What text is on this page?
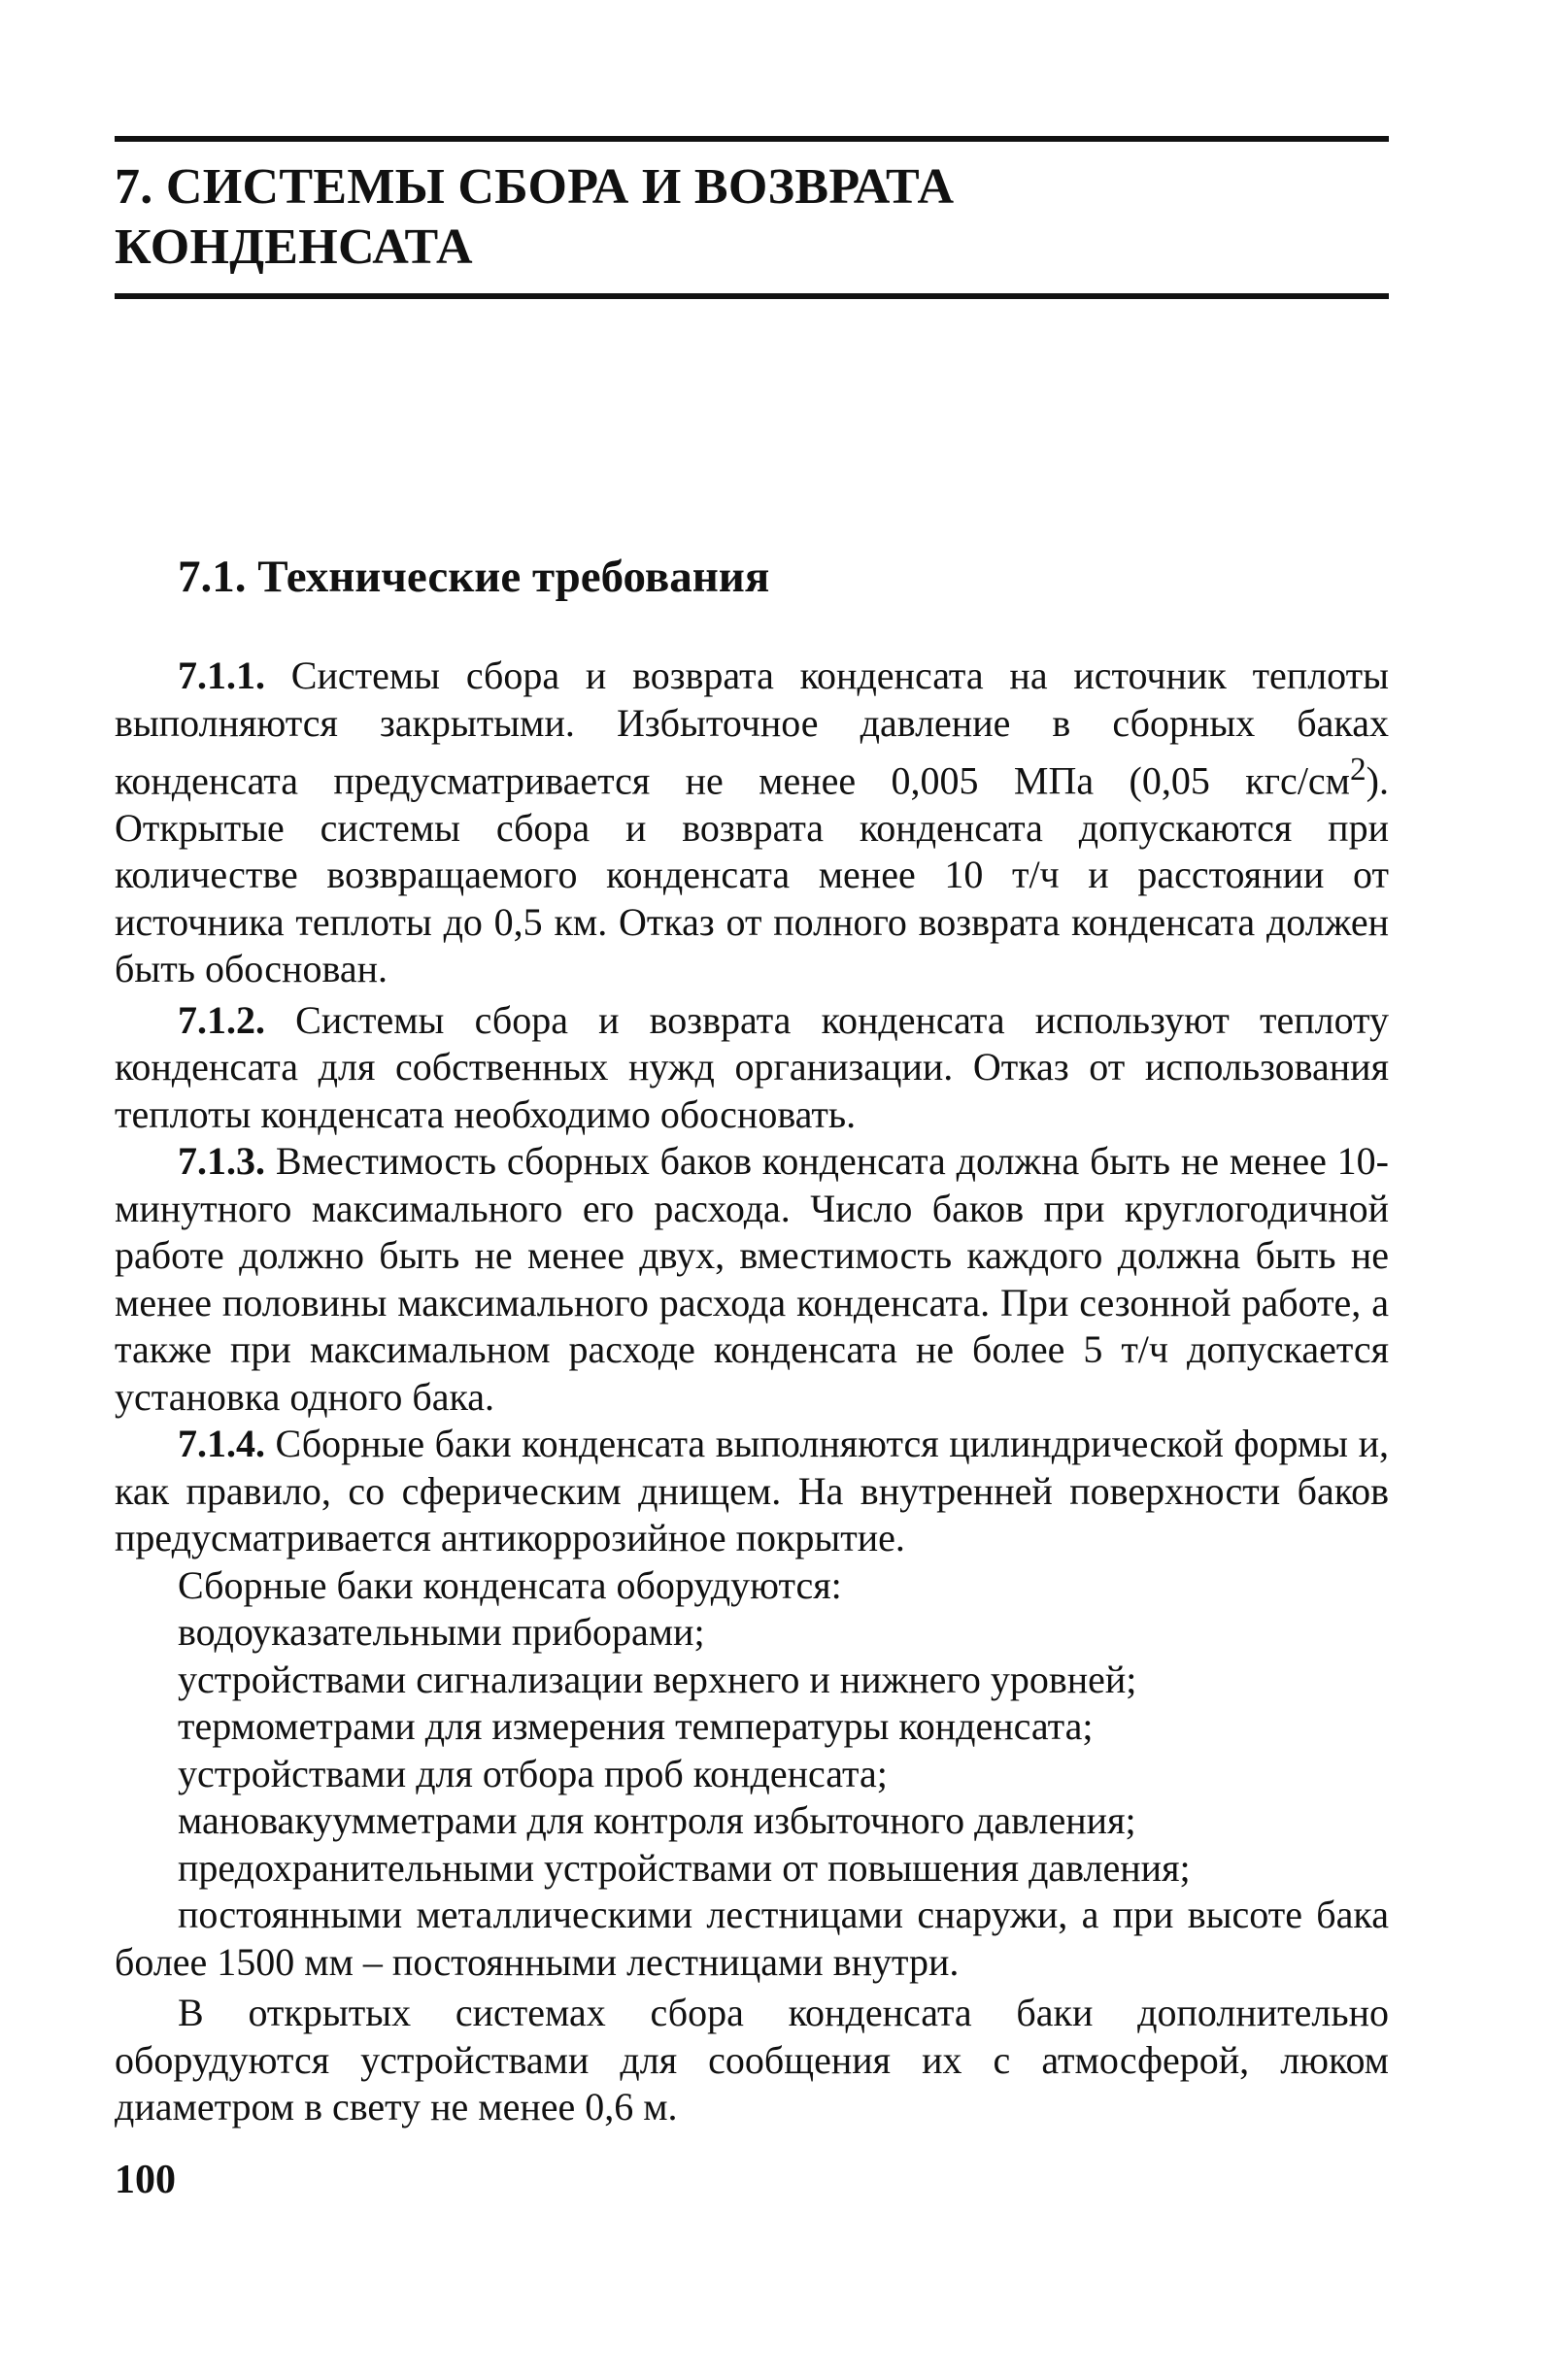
7. СИСТЕМЫ СБОРА И ВОЗВРАТА
КОНДЕНСАТА
7.1. Технические требования

7.1.1. Системы сбора и возврата конденсата на источник теплоты выполняются закрытыми. Избыточное давление в сборных баках конденсата предусматривается не менее 0,005 МПа (0,05 кгс/$см^2$). Открытые системы сбора и возврата конденсата допускаются при количестве возвращаемого конденсата менее 10 т/ч и расстоянии от источника теплоты до 0,5 км. Отказ от полного возврата конденсата должен быть обоснован.

7.1.2. Системы сбора и возврата конденсата используют теплоту конденсата для собственных нужд организации. Отказ от использования теплоты конденсата необходимо обосновать.

7.1.3. Вместимость сборных баков конденсата должна быть не менее 10-минутного максимального его расхода. Число баков при круглогодичной работе должно быть не менее двух, вместимость каждого должна быть не менее половины максимального расхода конденсата. При сезонной работе, а также при максимальном расходе конденсата не более 5 т/ч допускается установка одного бака.

7.1.4. Сборные баки конденсата выполняются цилиндрической формы и, как правило, со сферическим днищем. На внутренней поверхности баков предусматривается антикоррозийное покрытие.

Сборные баки конденсата оборудуются:

водоуказательными приборами;

устройствами сигнализации верхнего и нижнего уровней;

термометрами для измерения температуры конденсата;

устройствами для отбора проб конденсата;

мановакуумметрами для контроля избыточного давления;

предохранительными устройствами от повышения давления;

постоянными металлическими лестницами снаружи, а при высоте бака более 1500 мм – постоянными лестницами внутри.

В открытых системах сбора конденсата баки дополнительно оборудуются устройствами для сообщения их с атмосферой, люком диаметром в свету не менее 0,6 м.

100
